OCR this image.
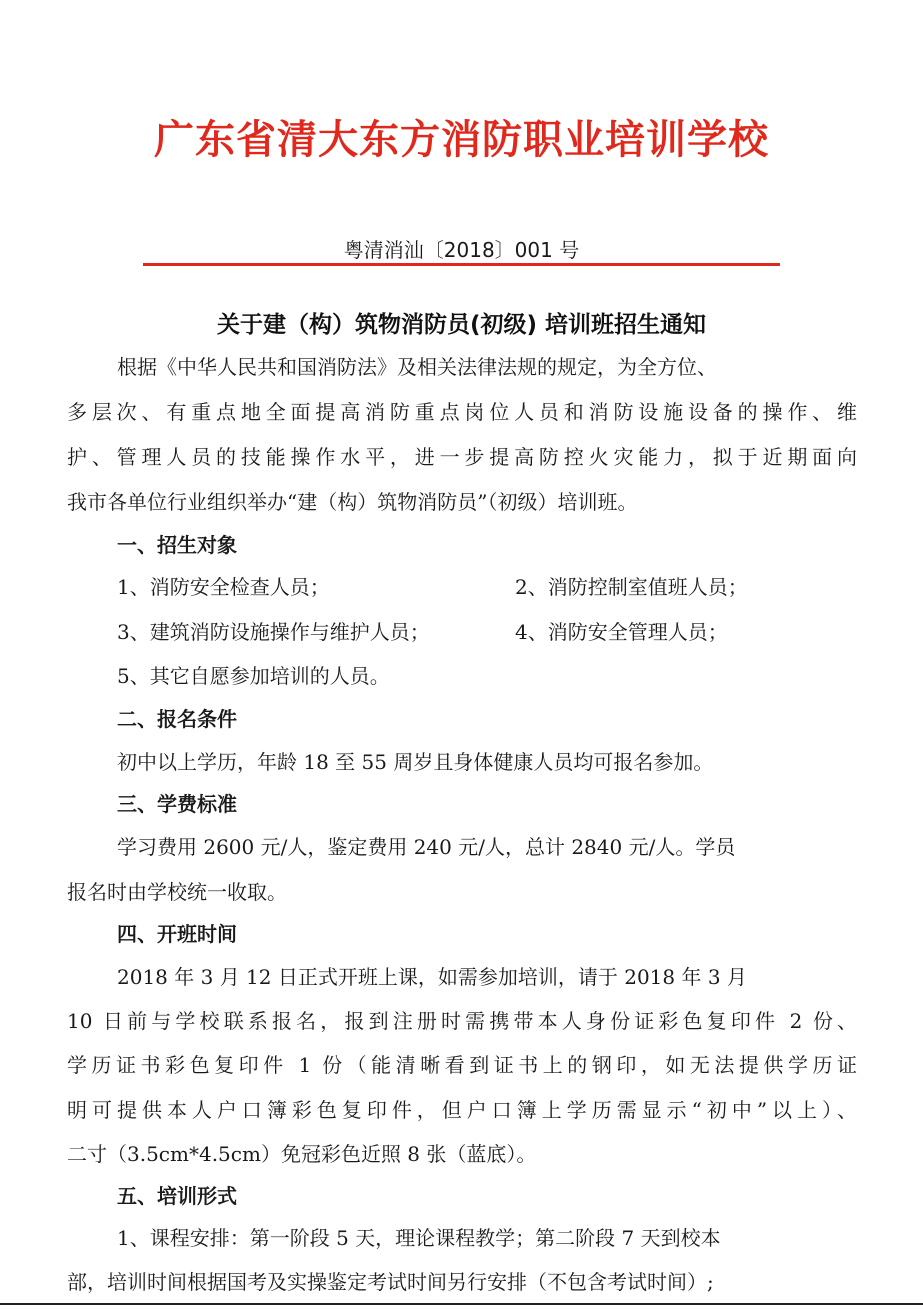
广东省清大东方消防职业培训学校
粤清消汕〔2018〕001 号
关于建（构）筑物消防员(初级) 培训班招生通知
根据《中华人民共和国消防法》及相关法律法规的规定，为全方位、
多层次、有重点地全面提高消防重点岗位人员和消防设施设备的操作、维
护、管理人员的技能操作水平，进一步提高防控火灾能力，拟于近期面向
我市各单位行业组织举办“建（构）筑物消防员”（初级）培训班。
一、招生对象
1、消防安全检查人员；	2、消防控制室值班人员；
3、建筑消防设施操作与维护人员；	4、消防安全管理人员；
5、其它自愿参加培训的人员。
二、报名条件
初中以上学历，年龄 18 至 55 周岁且身体健康人员均可报名参加。
三、学费标准
学习费用 2600 元/人，鉴定费用 240 元/人，总计 2840 元/人。学员
报名时由学校统一收取。
四、开班时间
2018 年 3 月 12 日正式开班上课，如需参加培训，请于 2018 年 3 月
10 日前与学校联系报名，报到注册时需携带本人身份证彩色复印件 2 份、
学历证书彩色复印件 1 份（能清晰看到证书上的钢印，如无法提供学历证
明可提供本人户口簿彩色复印件，但户口簿上学历需显示“初中”以上）、
二寸（3.5cm*4.5cm）免冠彩色近照 8 张（蓝底）。
五、培训形式
1、课程安排：第一阶段 5 天，理论课程教学；第二阶段 7 天到校本
部，培训时间根据国考及实操鉴定考试时间另行安排（不包含考试时间）;
